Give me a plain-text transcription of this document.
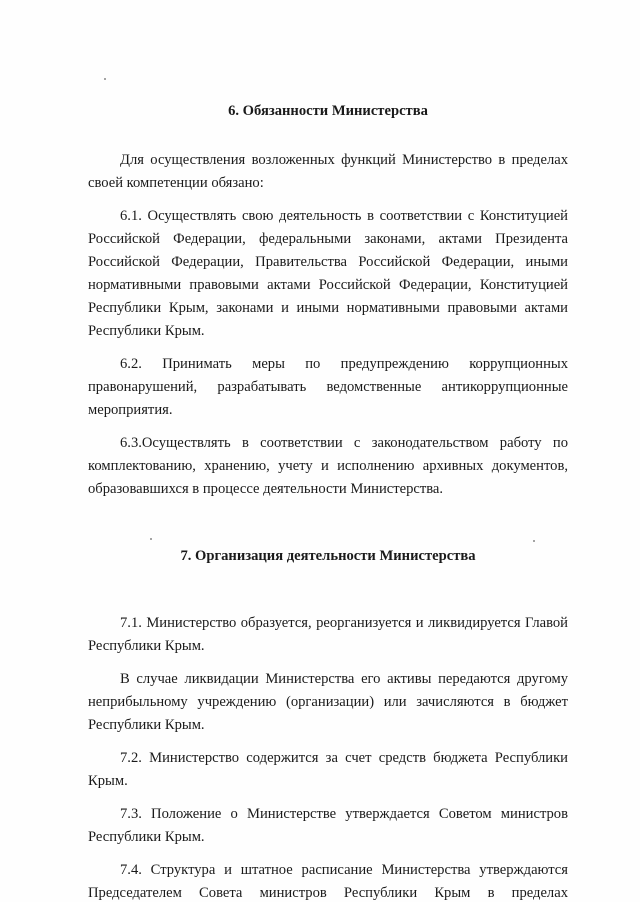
6. Обязанности Министерства

Для осуществления возложенных функций Министерство в пределах своей компетенции обязано:

6.1. Осуществлять свою деятельность в соответствии с Конституцией Российской Федерации, федеральными законами, актами Президента Российской Федерации, Правительства Российской Федерации, иными нормативными правовыми актами Российской Федерации, Конституцией Республики Крым, законами и иными нормативными правовыми актами Республики Крым.

6.2. Принимать меры по предупреждению коррупционных правонарушений, разрабатывать ведомственные антикоррупционные мероприятия.

6.3.Осуществлять в соответствии с законодательством работу по комплектованию, хранению, учету и исполнению архивных документов, образовавшихся в процессе деятельности Министерства.

7. Организация деятельности Министерства

7.1. Министерство образуется, реорганизуется и ликвидируется Главой Республики Крым.

В случае ликвидации Министерства его активы передаются другому неприбыльному учреждению (организации) или зачисляются в бюджет Республики Крым.

7.2. Министерство содержится за счет средств бюджета Республики Крым.

7.3. Положение о Министерстве утверждается Советом министров Республики Крым.

7.4. Структура и штатное расписание Министерства утверждаются Председателем Совета министров Республики Крым в пределах
